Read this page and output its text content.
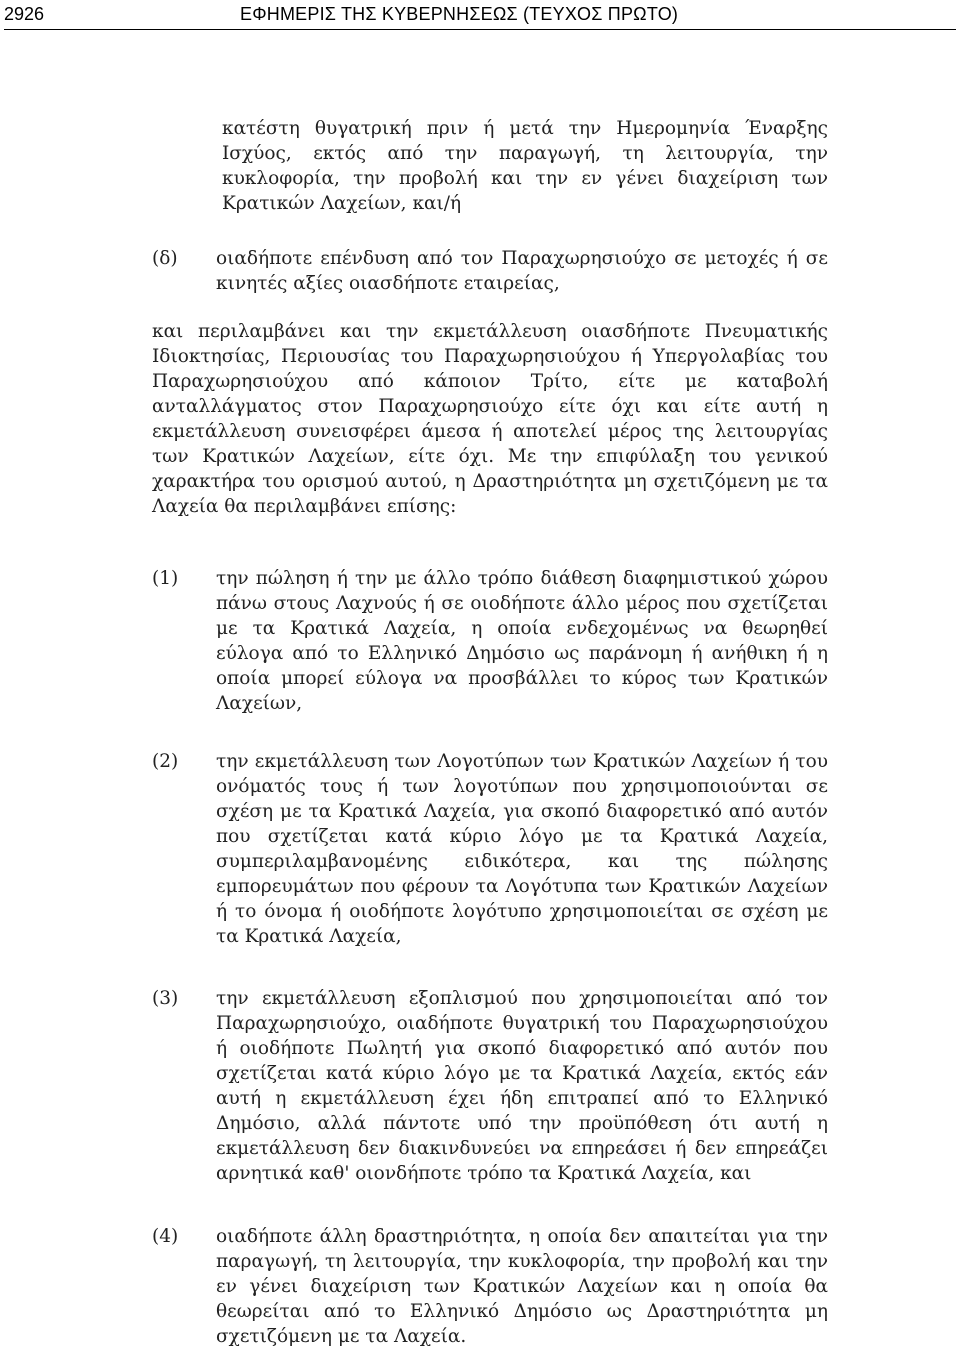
2926	ΕΦΗΜΕΡΙΣ ΤΗΣ ΚΥΒΕΡΝΗΣΕΩΣ (ΤΕΥΧΟΣ ΠΡΩΤΟ)

κατέστη θυγατρική πριν ή μετά την Ημερομηνία Έναρξης Ισχύος, εκτός από την παραγωγή, τη λειτουργία, την κυκλοφορία, την προβολή και την εν γένει διαχείριση των Κρατικών Λαχείων, και/ή

(δ) οιαδήποτε επένδυση από τον Παραχωρησιούχο σε μετοχές ή σε κινητές αξίες οιασδήποτε εταιρείας,

και περιλαμβάνει και την εκμετάλλευση οιασδήποτε Πνευματικής Ιδιοκτησίας, Περιουσίας του Παραχωρησιούχου ή Υπεργολαβίας του Παραχωρησιούχου από κάποιον Τρίτο, είτε με καταβολή ανταλλάγματος στον Παραχωρησιούχο είτε όχι και είτε αυτή η εκμετάλλευση συνεισφέρει άμεσα ή αποτελεί μέρος της λειτουργίας των Κρατικών Λαχείων, είτε όχι. Με την επιφύλαξη του γενικού χαρακτήρα του ορισμού αυτού, η Δραστηριότητα μη σχετιζόμενη με τα Λαχεία θα περιλαμβάνει επίσης:

(1) την πώληση ή την με άλλο τρόπο διάθεση διαφημιστικού χώρου πάνω στους Λαχνούς ή σε οιοδήποτε άλλο μέρος που σχετίζεται με τα Κρατικά Λαχεία, η οποία ενδεχομένως να θεωρηθεί εύλογα από το Ελληνικό Δημόσιο ως παράνομη ή ανήθικη ή η οποία μπορεί εύλογα να προσβάλλει το κύρος των Κρατικών Λαχείων,

(2) την εκμετάλλευση των Λογοτύπων των Κρατικών Λαχείων ή του ονόματός τους ή των λογοτύπων που χρησιμοποιούνται σε σχέση με τα Κρατικά Λαχεία, για σκοπό διαφορετικό από αυτόν που σχετίζεται κατά κύριο λόγο με τα Κρατικά Λαχεία, συμπεριλαμβανομένης ειδικότερα, και της πώλησης εμπορευμάτων που φέρουν τα Λογότυπα των Κρατικών Λαχείων ή το όνομα ή οιοδήποτε λογότυπο χρησιμοποιείται σε σχέση με τα Κρατικά Λαχεία,

(3) την εκμετάλλευση εξοπλισμού που χρησιμοποιείται από τον Παραχωρησιούχο, οιαδήποτε θυγατρική του Παραχωρησιούχου ή οιοδήποτε Πωλητή για σκοπό διαφορετικό από αυτόν που σχετίζεται κατά κύριο λόγο με τα Κρατικά Λαχεία, εκτός εάν αυτή η εκμετάλλευση έχει ήδη επιτραπεί από το Ελληνικό Δημόσιο, αλλά πάντοτε υπό την προϋπόθεση ότι αυτή η εκμετάλλευση δεν διακινδυνεύει να επηρεάσει ή δεν επηρεάζει αρνητικά καθ' οιονδήποτε τρόπο τα Κρατικά Λαχεία, και

(4) οιαδήποτε άλλη δραστηριότητα, η οποία δεν απαιτείται για την παραγωγή, τη λειτουργία, την κυκλοφορία, την προβολή και την εν γένει διαχείριση των Κρατικών Λαχείων και η οποία θα θεωρείται από το Ελληνικό Δημόσιο ως Δραστηριότητα μη σχετιζόμενη με τα Λαχεία.
